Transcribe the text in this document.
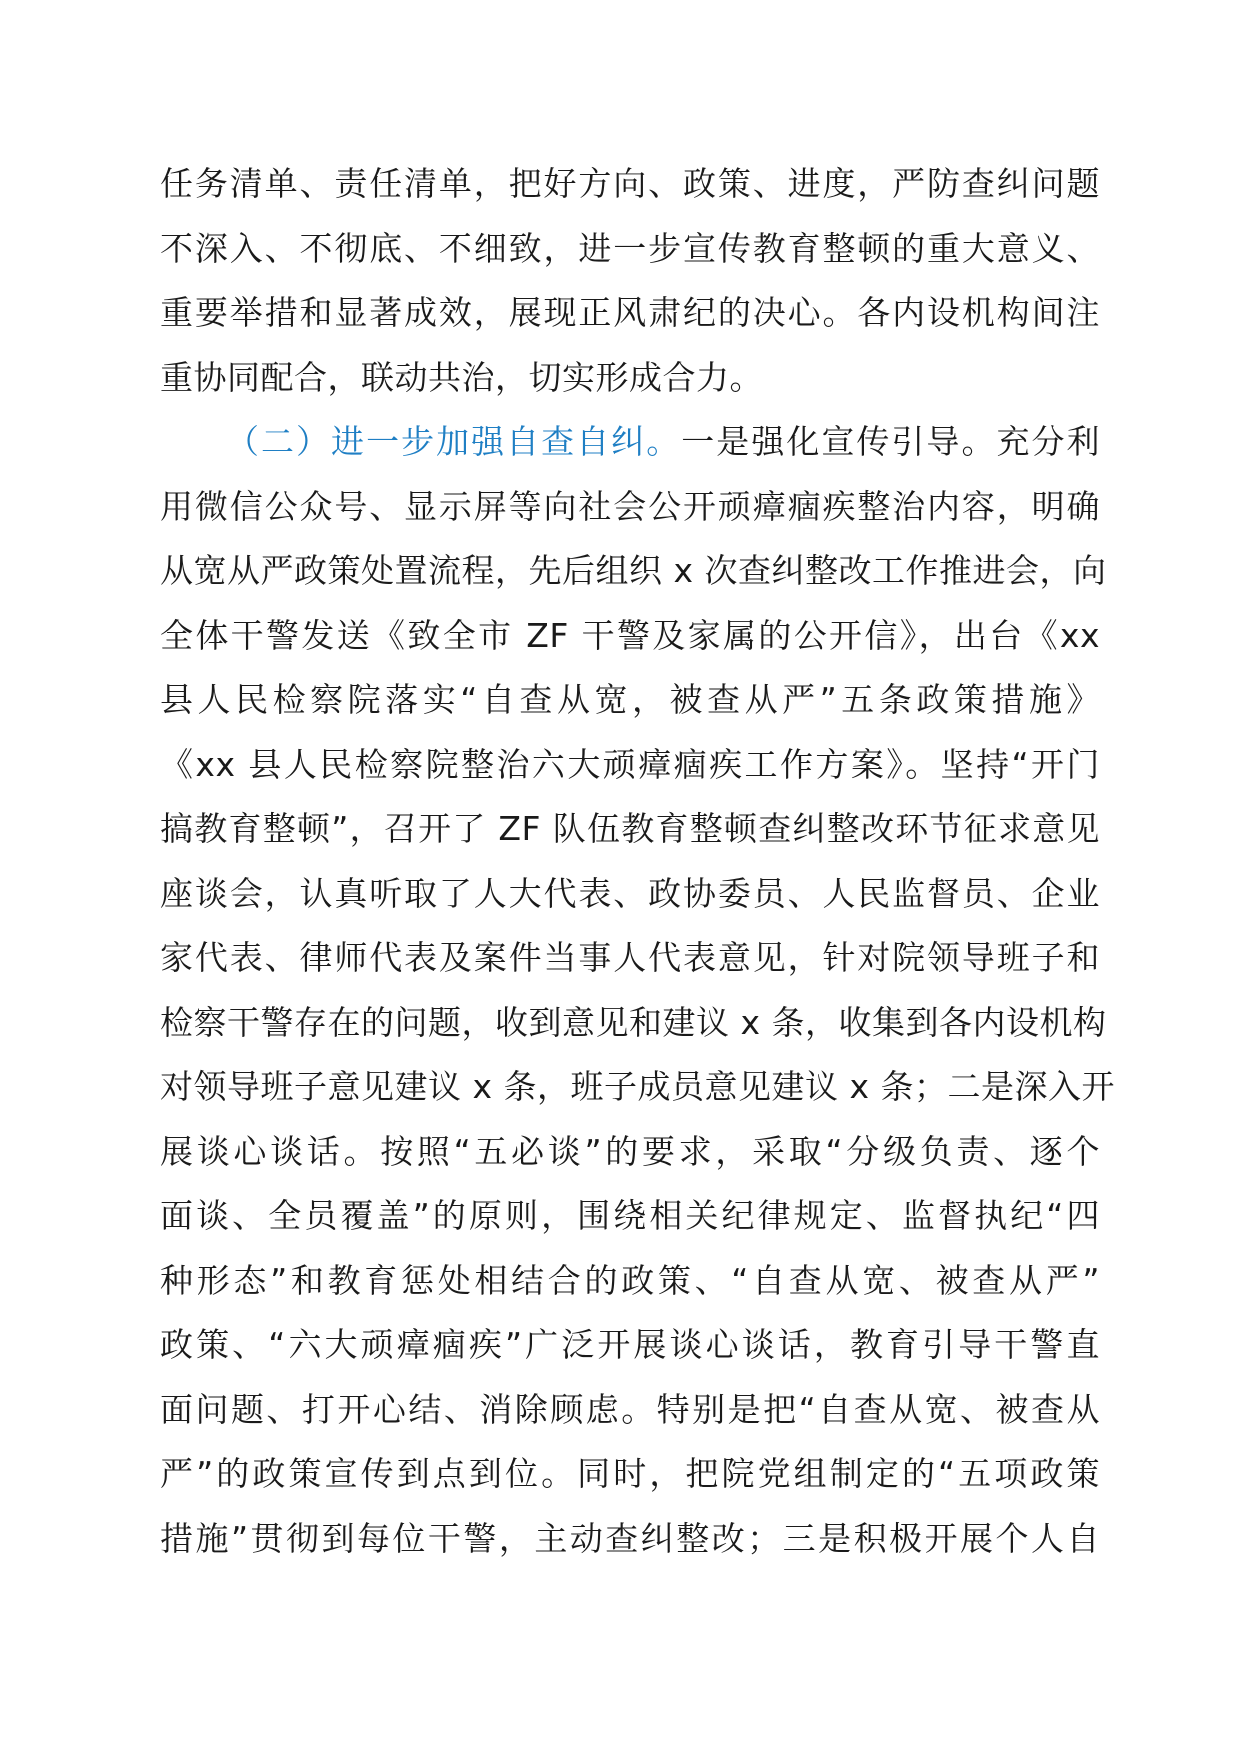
任务清单、责任清单，把好方向、政策、进度，严防查纠问题
不深入、不彻底、不细致，进一步宣传教育整顿的重大意义、
重要举措和显著成效，展现正风肃纪的决心。各内设机构间注
重协同配合，联动共治，切实形成合力。
（二）进一步加强自查自纠。一是强化宣传引导。充分利
用微信公众号、显示屏等向社会公开顽瘴痼疾整治内容，明确
从宽从严政策处置流程，先后组织 x 次查纠整改工作推进会，向
全体干警发送《致全市 ZF 干警及家属的公开信》，出台《xx
县人民检察院落实“自查从宽，被查从严”五条政策措施》
《xx 县人民检察院整治六大顽瘴痼疾工作方案》。坚持“开门
搞教育整顿”，召开了 ZF 队伍教育整顿查纠整改环节征求意见
座谈会，认真听取了人大代表、政协委员、人民监督员、企业
家代表、律师代表及案件当事人代表意见，针对院领导班子和
检察干警存在的问题，收到意见和建议 x 条，收集到各内设机构
对领导班子意见建议 x 条，班子成员意见建议 x 条；二是深入开
展谈心谈话。按照“五必谈”的要求，采取“分级负责、逐个
面谈、全员覆盖”的原则，围绕相关纪律规定、监督执纪“四
种形态”和教育惩处相结合的政策、“自查从宽、被查从严”
政策、“六大顽瘴痼疾”广泛开展谈心谈话，教育引导干警直
面问题、打开心结、消除顾虑。特别是把“自查从宽、被查从
严”的政策宣传到点到位。同时，把院党组制定的“五项政策
措施”贯彻到每位干警，主动查纠整改；三是积极开展个人自
